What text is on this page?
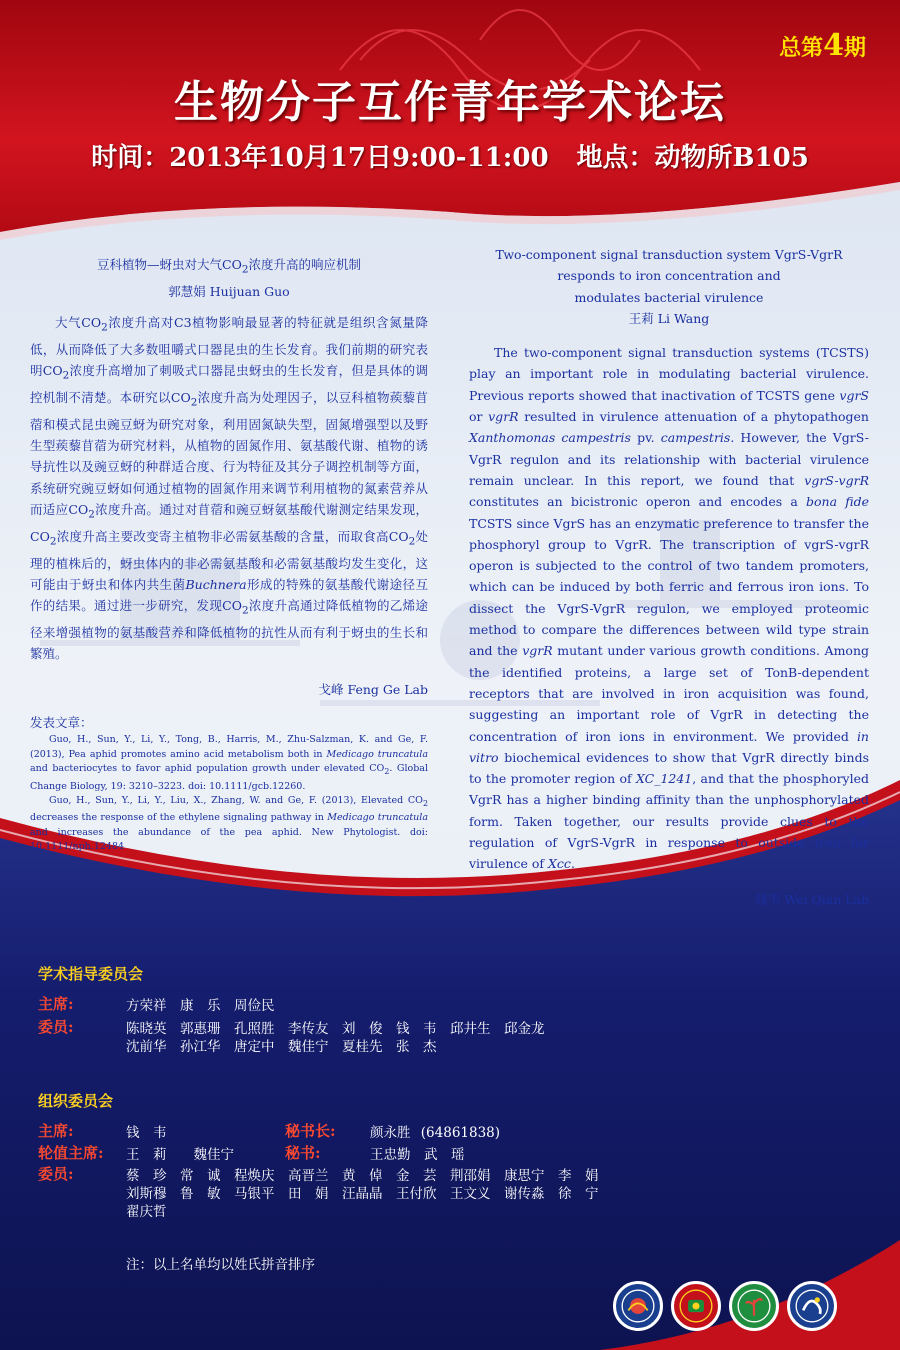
总第4期
生物分子互作青年学术论坛
时间：2013年10月17日9:00-11:00 地点：动物所B105
豆科植物—蚜虫对大气$CO_2$浓度升高的响应机制
郭慧娟 Huijuan Guo
大气$CO_2$浓度升高对C3植物影响最显著的特征就是组织含氮量降低，从而降低了大多数咀嚼式口器昆虫的生长发育。我们前期的研究表明$CO_2$浓度升高增加了刺吸式口器昆虫蚜虫的生长发育，但是具体的调控机制不清楚。本研究以$CO_2$浓度升高为处理因子，以豆科植物蒺藜苜蓿和模式昆虫豌豆蚜为研究对象，利用固氮缺失型，固氮增强型以及野生型蒺藜苜蓿为研究材料，从植物的固氮作用、氨基酸代谢、植物的诱导抗性以及豌豆蚜的种群适合度、行为特征及其分子调控机制等方面，系统研究豌豆蚜如何通过植物的固氮作用来调节利用植物的氮素营养从而适应$CO_2$浓度升高。通过对苜蓿和豌豆蚜氨基酸代谢测定结果发现，$CO_2$浓度升高主要改变寄主植物非必需氨基酸的含量，而取食高$CO_2$处理的植株后的，蚜虫体内的非必需氨基酸和必需氨基酸均发生变化，这可能由于蚜虫和体内共生菌Buchnera形成的特殊的氨基酸代谢途径互作的结果。通过进一步研究，发现$CO_2$浓度升高通过降低植物的乙烯途径来增强植物的氨基酸营养和降低植物的抗性从而有利于蚜虫的生长和繁殖。
戈峰 Feng Ge Lab
发表文章：
Guo, H., Sun, Y., Li, Y., Tong, B., Harris, M., Zhu-Salzman, K. and Ge, F. (2013), Pea aphid promotes amino acid metabolism both in Medicago truncatula and bacteriocytes to favor aphid population growth under elevated $CO_2$. Global Change Biology, 19: 3210–3223. doi: 10.1111/gcb.12260.
Guo, H., Sun, Y., Li, Y., Liu, X., Zhang, W. and Ge, F. (2013), Elevated $CO_2$ decreases the response of the ethylene signaling pathway in Medicago truncatula and increases the abundance of the pea aphid. New Phytologist. doi: 10.1111/nph.12484
Two-component signal transduction system VgrS-VgrR
responds to iron concentration and
modulates bacterial virulence
王莉 Li Wang
The two-component signal transduction systems (TCSTS) play an important role in modulating bacterial virulence. Previous reports showed that inactivation of TCSTS gene vgrS or vgrR resulted in virulence attenuation of a phytopathogen Xanthomonas campestris pv. campestris. However, the VgrS-VgrR regulon and its relationship with bacterial virulence remain unclear. In this report, we found that vgrS-vgrR constitutes an bicistronic operon and encodes a bona fide TCSTS since VgrS has an enzymatic preference to transfer the phosphoryl group to VgrR. The transcription of vgrS-vgrR operon is subjected to the control of two tandem promoters, which can be induced by both ferric and ferrous iron ions. To dissect the VgrS-VgrR regulon, we employed proteomic method to compare the differences between wild type strain and the vgrR mutant under various growth conditions. Among the identified proteins, a large set of TonB-dependent receptors that are involved in iron acquisition was found, suggesting an important role of VgrR in detecting the concentration of iron ions in environment. We provided in vitro biochemical evidences to show that VgrR directly binds to the promoter region of XC_1241, and that the phosphoryled VgrR has a higher binding affinity than the unphosphorylated form. Taken together, our results provide clues to the regulation of VgrS-VgrR in response to outside iron for virulence of Xcc.
钱韦 Wei Qian Lab
学术指导委员会
主席:	方荣祥　康　乐　周俭民
委员:	陈晓英　郭惠珊　孔照胜　李传友　刘　俊　钱　韦　邱井生　邱金龙
沈前华　孙江华　唐定中　魏佳宁　夏桂先　张　杰
组织委员会
主席:	钱　韦	秘书长:	颜永胜 (64861838)
轮值主席: 王　莉　　魏佳宁	秘书:	王忠勤　武　瑶
委员:	蔡　珍　常　诚　程焕庆　高晋兰　黄　倬　金　芸　荆邵娟　康思宁　李　娟
刘斯穆　鲁　敏　马银平　田　娟　汪晶晶　王付欣　王文义　谢传淼　徐　宁
翟庆哲
注：以上名单均以姓氏拼音排序
